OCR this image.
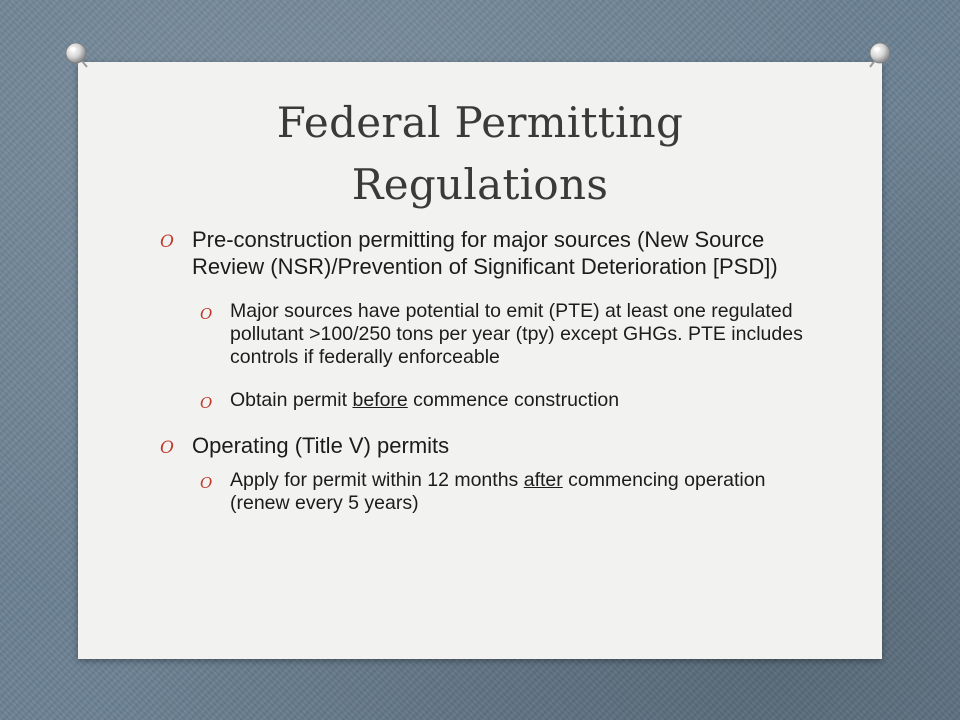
Federal Permitting
Regulations
O Pre-construction permitting for major sources (New Source Review (NSR)/Prevention of Significant Deterioration [PSD])
O Major sources have potential to emit (PTE) at least one regulated pollutant >100/250 tons per year (tpy) except GHGs. PTE includes controls if federally enforceable
O Obtain permit before commence construction
O Operating (Title V) permits
O Apply for permit within 12 months after commencing operation (renew every 5 years)
